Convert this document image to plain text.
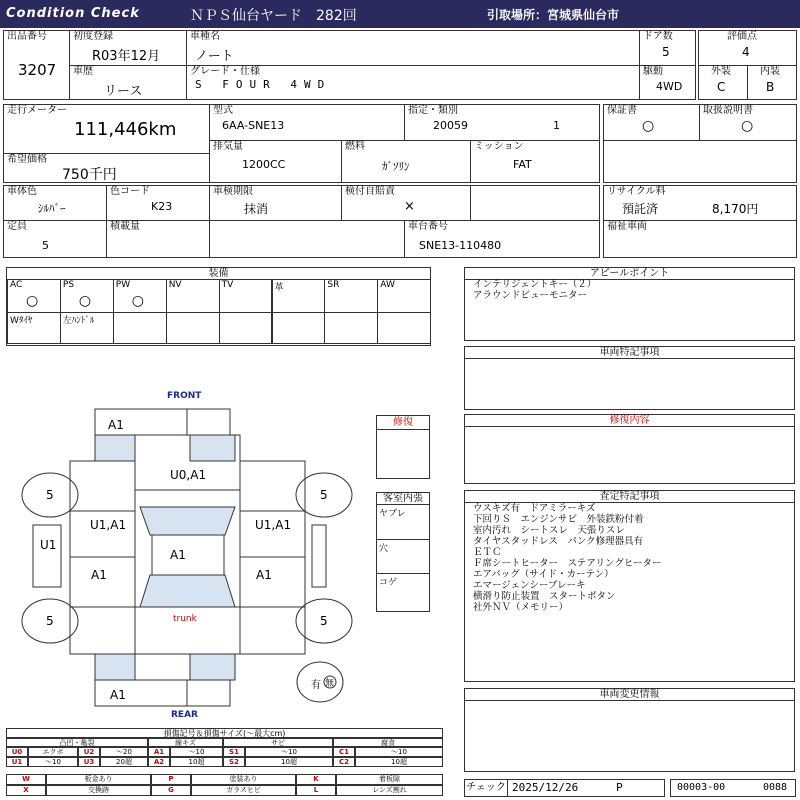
Condition Check	ＮＰＳ仙台ヤード　282回	引取場所：宮城県仙台市
出品番号
3207
初度登録
R03年12月
車種名
ノート
ドア数
5
評価点
4
車歴
リース
グレード・仕様
S FOUR 4WD
駆動
4WD
外装
C
内装
B
走行メーター
111,446km
希望価格
750千円
型式
6AA-SNE13
指定・類別
20059	1
保証書
○
取扱説明書
○
排気量
1200CC
燃料
ｶﾞｿﾘﾝ
ミッション
FAT
車体色
ｼﾙﾊﾞｰ
色コード
K23
車検期限
抹消
検付自賠責
×
リサイクル料
預託済	8,170円
定員
5
積載量	車台番号
SNE13-110480
福祉車両
装備
AC
○
PS
○
PW
○
NV	TV	革	SR	AW
Wﾀｲﾔ	左ﾊﾝﾄﾞﾙ
アピールポイント
インテリジェントキー（２）
アラウンドビューモニター
車両特記事項
修復内容
査定特記事項
ウスキズ有　ドアミラーキズ
下回りＳ　エンジンサビ　外装鉄粉付着
室内汚れ　シートスレ　天張りスレ
タイヤスタッドレス　パンク修理器具有
ＥＴＣ
Ｆ席シートヒーター　ステアリングヒーター
エアバッグ（サイド・カーテン）
エマージェンシーブレーキ
横滑り防止装置　スタートボタン
社外ＮＶ（メモリー）
車両変更情報
チェック 2025/12/26	P	00003-00	0088
FRONT
REAR
A1
U0,A1
U1,A1	U1,A1
A1	A1
A1
A1
U1
trunk
5	5
5	5
有 無
修復
客室内張
ヤブレ
穴
コゲ
損傷記号＆損傷サイズ(〜最大cm)
凸凹・亀裂	線キズ	サビ	腐食
U0	エクボ	U2	〜20	A1	〜10	S1	〜10	C1	〜10
U1	〜10	U3	20超	A2	10超	S2	10超	C2	10超
W	板金あり	P	塗装あり	K	着板隙
X	交換跡	G	ガラスヒビ	L	レンズ割れ
